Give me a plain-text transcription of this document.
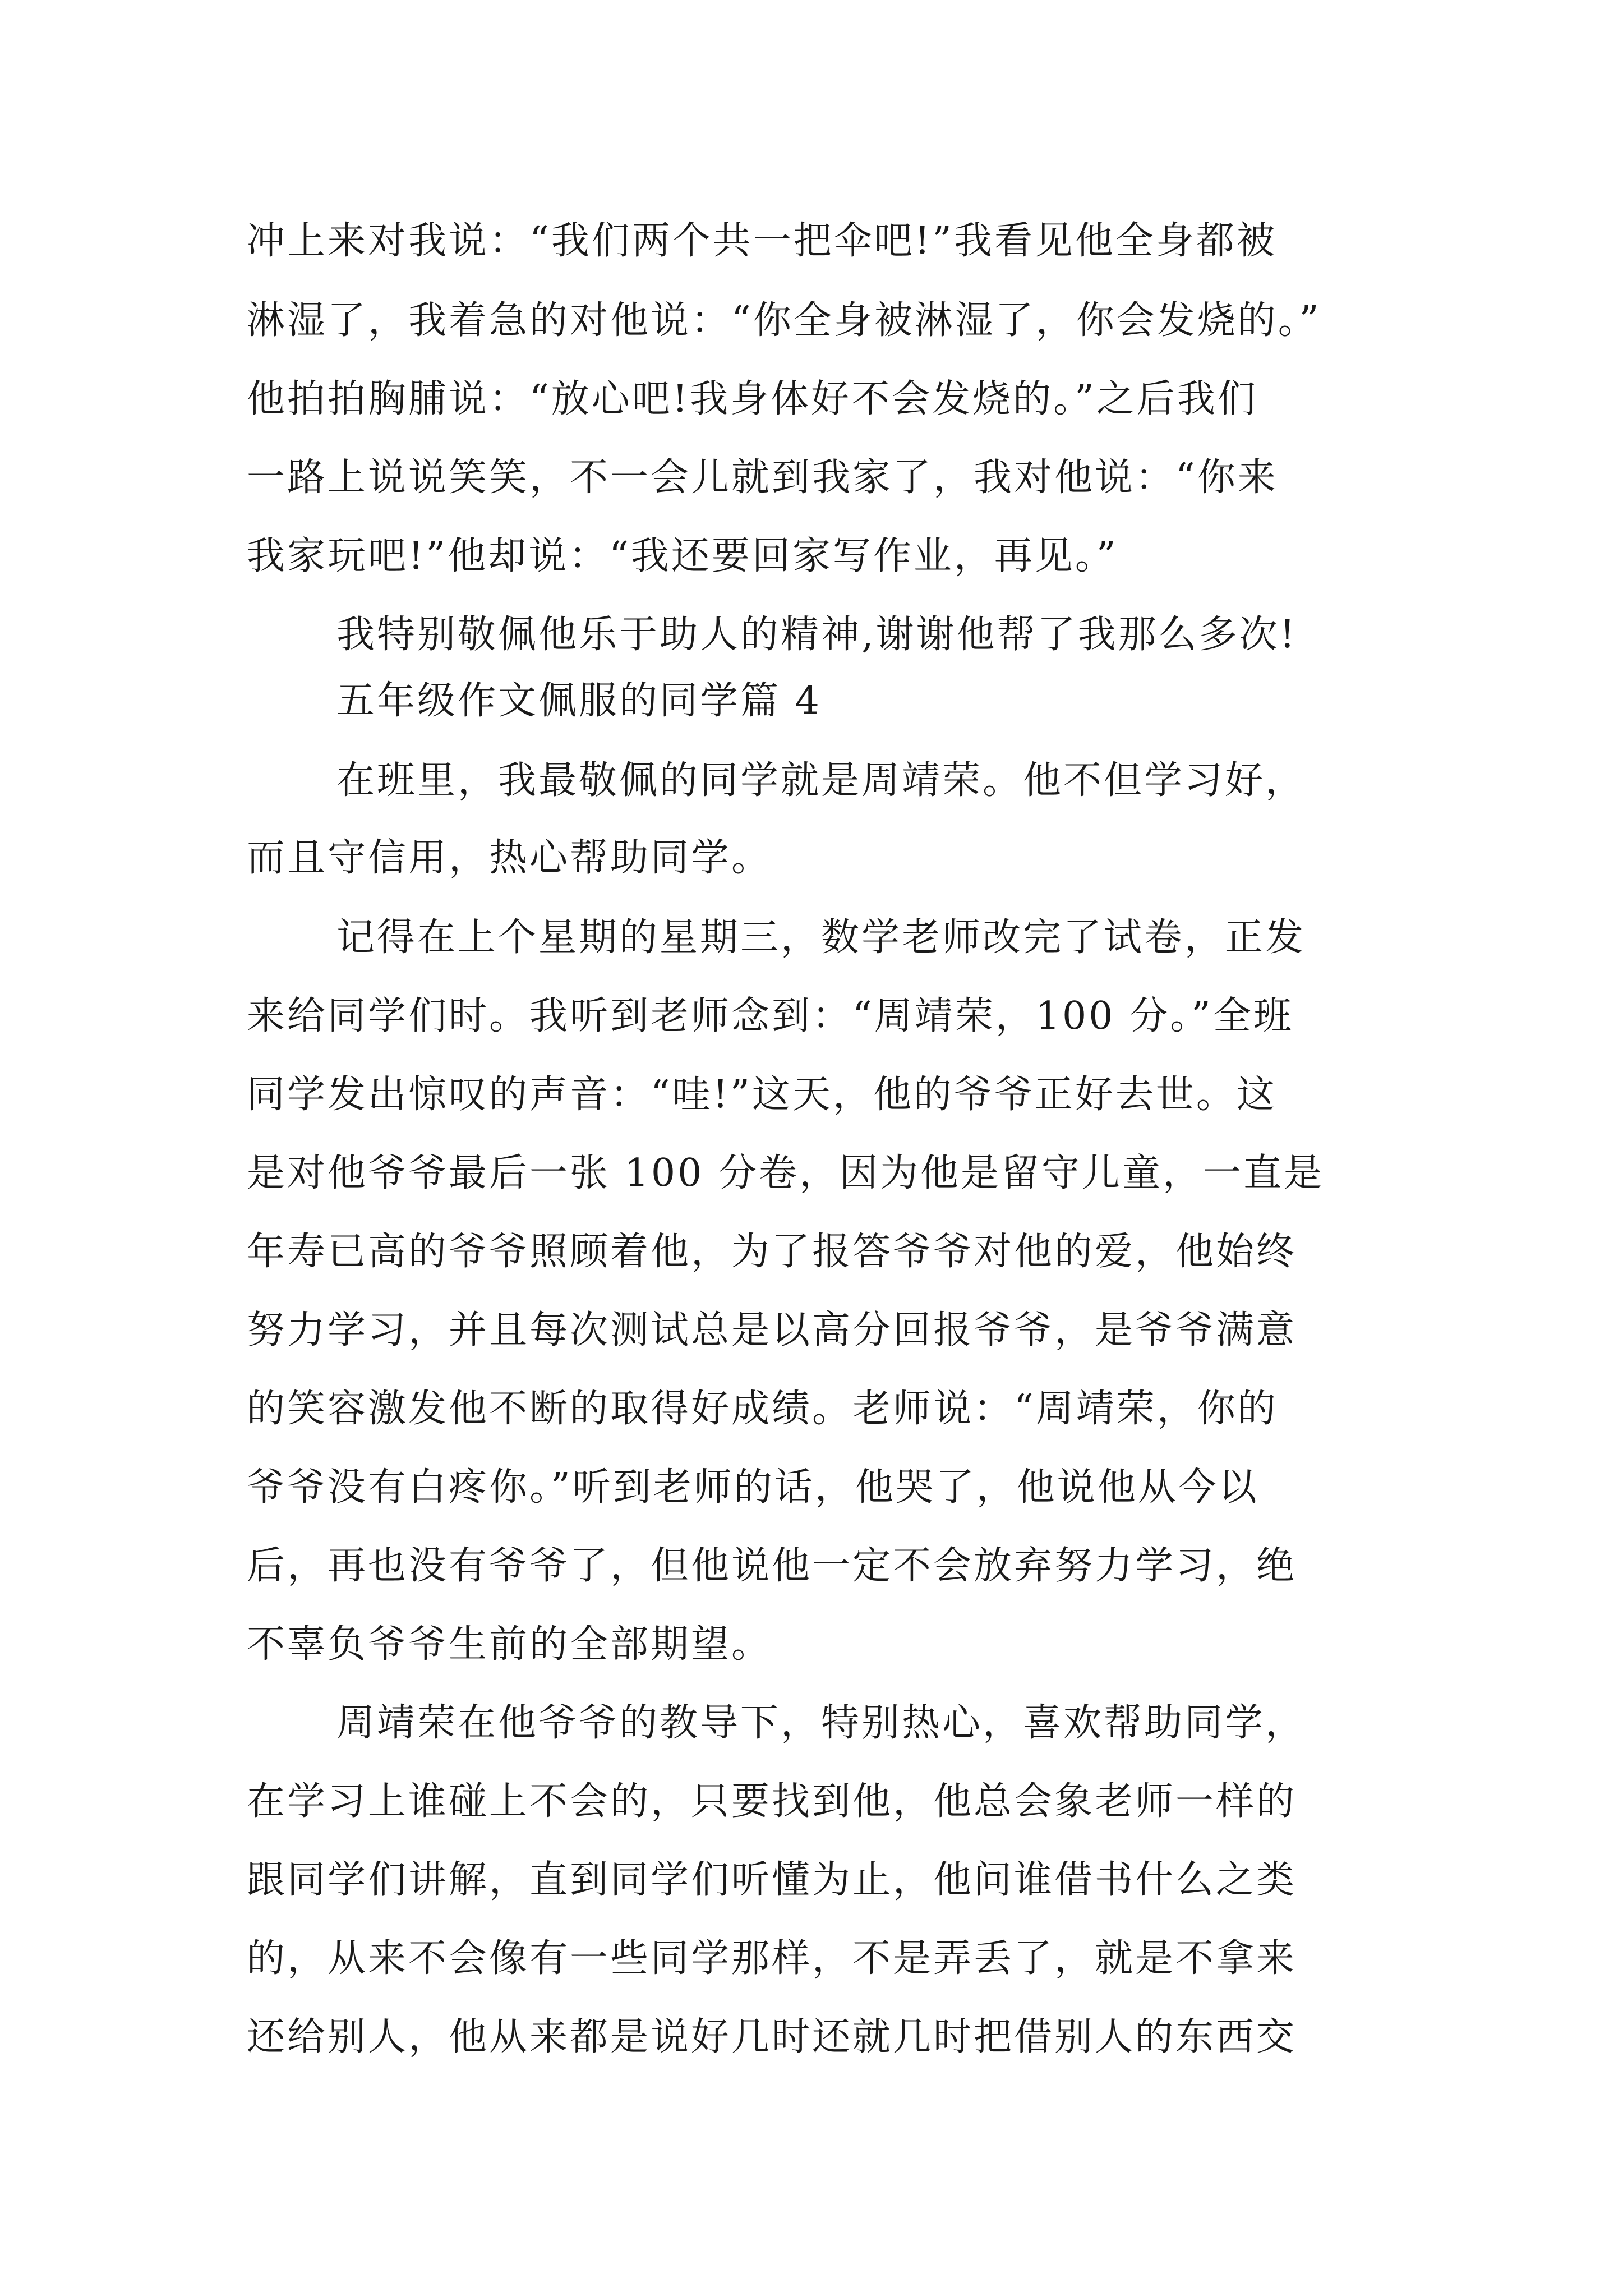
冲上来对我说：“我们两个共一把伞吧!”我看见他全身都被
淋湿了，我着急的对他说：“你全身被淋湿了，你会发烧的。”
他拍拍胸脯说：“放心吧!我身体好不会发烧的。”之后我们
一路上说说笑笑，不一会儿就到我家了，我对他说：“你来
我家玩吧!”他却说：“我还要回家写作业，再见。”
我特别敬佩他乐于助人的精神,谢谢他帮了我那么多次!
五年级作文佩服的同学篇 4
在班里，我最敬佩的同学就是周靖荣。他不但学习好，
而且守信用，热心帮助同学。
记得在上个星期的星期三，数学老师改完了试卷，正发
来给同学们时。我听到老师念到：“周靖荣，100 分。”全班
同学发出惊叹的声音：“哇!”这天，他的爷爷正好去世。这
是对他爷爷最后一张 100 分卷，因为他是留守儿童，一直是
年寿已高的爷爷照顾着他，为了报答爷爷对他的爱，他始终
努力学习，并且每次测试总是以高分回报爷爷，是爷爷满意
的笑容激发他不断的取得好成绩。老师说：“周靖荣，你的
爷爷没有白疼你。”听到老师的话，他哭了，他说他从今以
后，再也没有爷爷了，但他说他一定不会放弃努力学习，绝
不辜负爷爷生前的全部期望。
周靖荣在他爷爷的教导下，特别热心，喜欢帮助同学，
在学习上谁碰上不会的，只要找到他，他总会象老师一样的
跟同学们讲解，直到同学们听懂为止，他问谁借书什么之类
的，从来不会像有一些同学那样，不是弄丢了，就是不拿来
还给别人，他从来都是说好几时还就几时把借别人的东西交
